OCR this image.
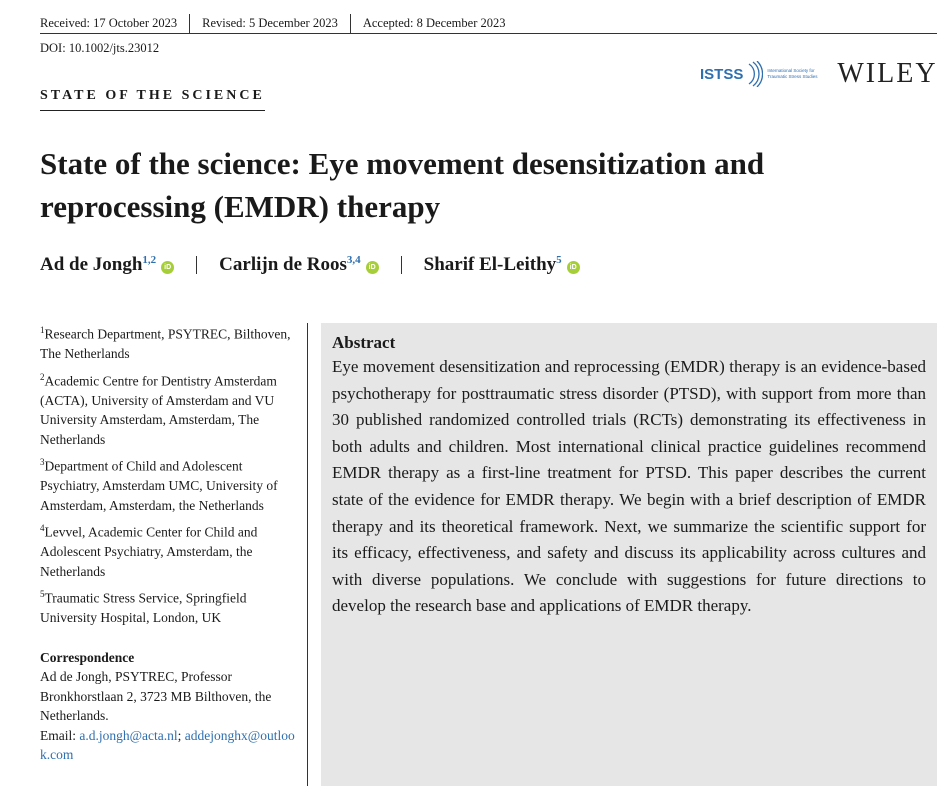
Received: 17 October 2023	Revised: 5 December 2023	Accepted: 8 December 2023
DOI: 10.1002/jts.23012
ISTSS	International Society for Traumatic Stress Studies WILEY
STATE OF THE SCIENCE
State of the science: Eye movement desensitization and reprocessing (EMDR) therapy
Ad de Jongh$^{1,2}$iD	Carlijn de Roos$^{3,4}$iD	Sharif El-Leithy$^5$iD

$^1$Research Department, PSYTREC, Bilthoven, The Netherlands

$^2$Academic Centre for Dentistry Amsterdam (ACTA), University of Amsterdam and VU University Amsterdam, Amsterdam, The Netherlands

$^3$Department of Child and Adolescent Psychiatry, Amsterdam UMC, University of Amsterdam, Amsterdam, the Netherlands

$^4$Levvel, Academic Center for Child and Adolescent Psychiatry, Amsterdam, the Netherlands

$^5$Traumatic Stress Service, Springfield University Hospital, London, UK

Correspondence
Ad de Jongh, PSYTREC, Professor Bronkhorstlaan 2, 3723 MB Bilthoven, the Netherlands.
Email: a.d.jongh@acta.nl; addejonghx@outlook.com
Abstract

Eye movement desensitization and reprocessing (EMDR) therapy is an evidence-based psychotherapy for posttraumatic stress disorder (PTSD), with support from more than 30 published randomized controlled trials (RCTs) demonstrating its effectiveness in both adults and children. Most international clinical practice guidelines recommend EMDR therapy as a first-line treatment for PTSD. This paper describes the current state of the evidence for EMDR therapy. We begin with a brief description of EMDR therapy and its theoretical framework. Next, we summarize the scientific support for its efficacy, effectiveness, and safety and discuss its applicability across cultures and with diverse populations. We conclude with suggestions for future directions to develop the research base and applications of EMDR therapy.
